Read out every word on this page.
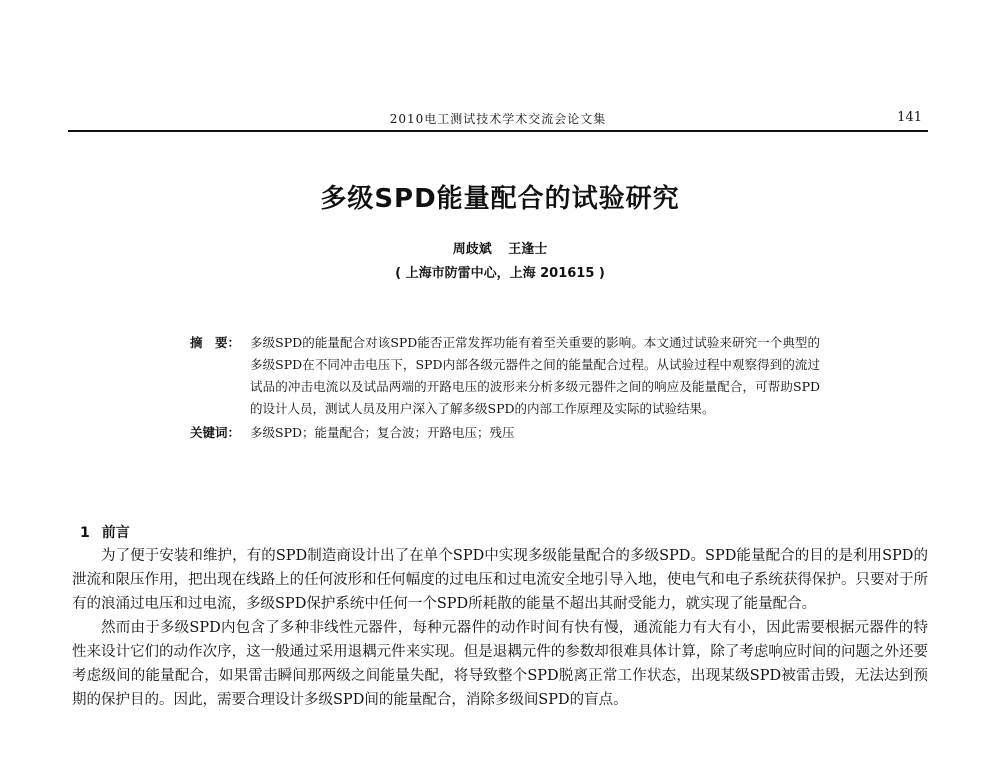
2010电工测试技术学术交流会论文集	141
多级SPD能量配合的试验研究
周歧斌 王逢士
( 上海市防雷中心，上海 201615 )
摘　要： 多级SPD的能量配合对该SPD能否正常发挥功能有着至关重要的影响。本文通过试验来研究一个典型的多级SPD在不同冲击电压下，SPD内部各级元器件之间的能量配合过程。从试验过程中观察得到的流过试品的冲击电流以及试品两端的开路电压的波形来分析多级元器件之间的响应及能量配合，可帮助SPD的设计人员，测试人员及用户深入了解多级SPD的内部工作原理及实际的试验结果。
关键词： 多级SPD；能量配合；复合波；开路电压；残压
1 前言

为了便于安装和维护，有的SPD制造商设计出了在单个SPD中实现多级能量配合的多级SPD。SPD能量配合的目的是利用SPD的泄流和限压作用，把出现在线路上的任何波形和任何幅度的过电压和过电流安全地引导入地，使电气和电子系统获得保护。只要对于所有的浪涌过电压和过电流，多级SPD保护系统中任何一个SPD所耗散的能量不超出其耐受能力，就实现了能量配合。

然而由于多级SPD内包含了多种非线性元器件，每种元器件的动作时间有快有慢，通流能力有大有小，因此需要根据元器件的特性来设计它们的动作次序，这一般通过采用退耦元件来实现。但是退耦元件的参数却很难具体计算，除了考虑响应时间的问题之外还要考虑级间的能量配合，如果雷击瞬间那两级之间能量失配，将导致整个SPD脱离正常工作状态，出现某级SPD被雷击毁，无法达到预期的保护目的。因此，需要合理设计多级SPD间的能量配合，消除多级间SPD的盲点。
